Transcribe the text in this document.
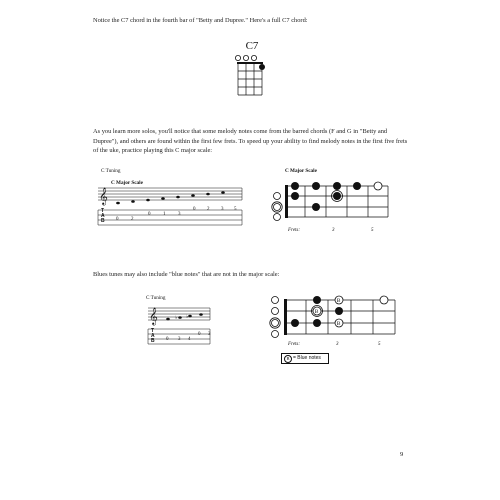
Notice the C7 chord in the fourth bar of "Betty and Dupree." Here's a full C7 chord:
C7
As you learn more solos, you'll notice that some melody notes come from the barred chords (F and G in "Betty and Dupree"), and others are found within the first few frets. To speed up your ability to find melody notes in the first five frets of the uke, practice playing this C major scale:
C Tuning
C Major Scale
𝄞
T
A
B 0	2
0	1	3
0 2 3 5
C Major Scale
Frets:	3	5
Blues tunes may also include "blue notes" that are not in the major scale:
C Tuning
𝄞	♭ ♭
T
A
B 0 3 4
0 3
B
B
B
Frets:	3	5
B = Blue notes
9
